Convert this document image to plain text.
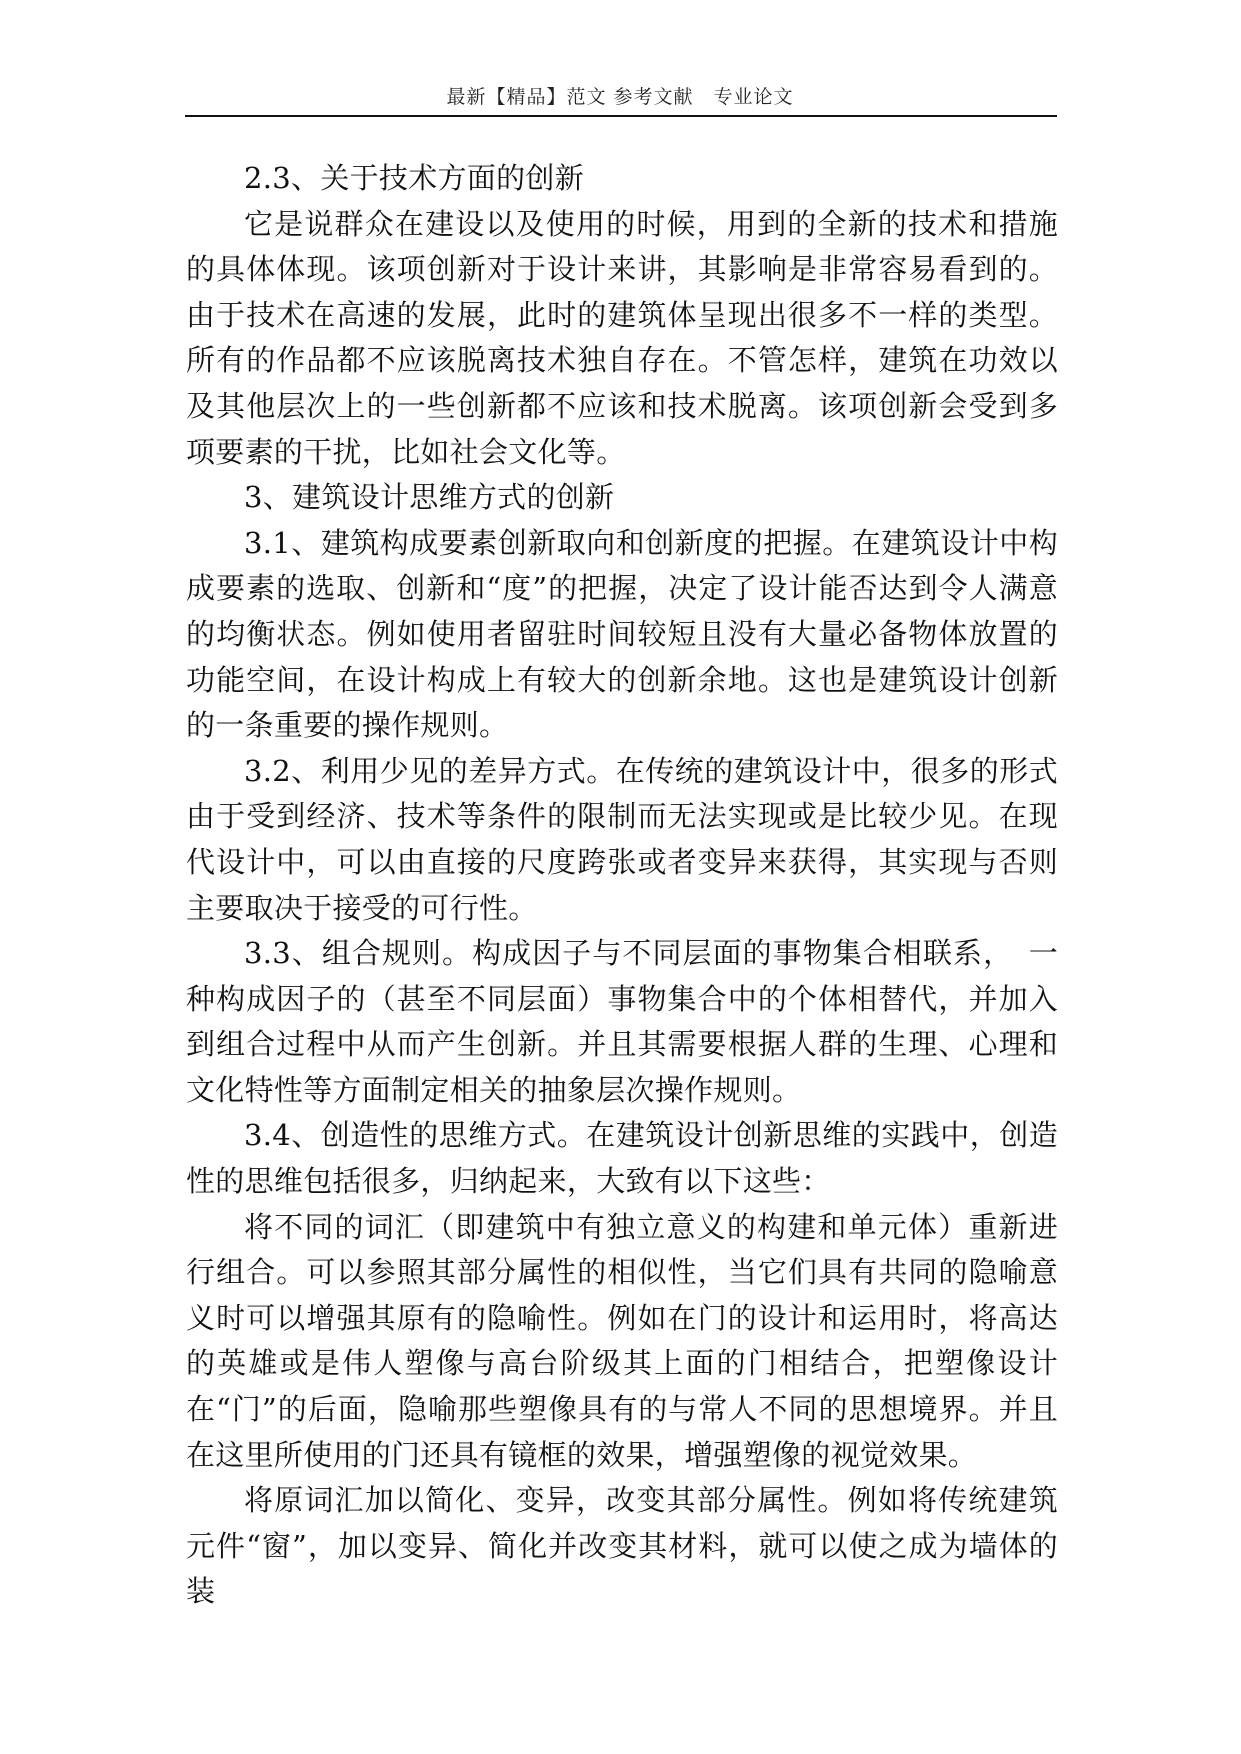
最新【精品】范文 参考文献　专业论文

2.3、关于技术方面的创新

它是说群众在建设以及使用的时候，用到的全新的技术和措施的具体体现。该项创新对于设计来讲，其影响是非常容易看到的。由于技术在高速的发展，此时的建筑体呈现出很多不一样的类型。所有的作品都不应该脱离技术独自存在。不管怎样，建筑在功效以及其他层次上的一些创新都不应该和技术脱离。该项创新会受到多项要素的干扰，比如社会文化等。

3、建筑设计思维方式的创新

3.1、建筑构成要素创新取向和创新度的把握。在建筑设计中构成要素的选取、创新和“度”的把握，决定了设计能否达到令人满意的均衡状态。例如使用者留驻时间较短且没有大量必备物体放置的功能空间，在设计构成上有较大的创新余地。这也是建筑设计创新的一条重要的操作规则。

3.2、利用少见的差异方式。在传统的建筑设计中，很多的形式由于受到经济、技术等条件的限制而无法实现或是比较少见。在现代设计中，可以由直接的尺度跨张或者变异来获得，其实现与否则主要取决于接受的可行性。

3.3、组合规则。构成因子与不同层面的事物集合相联系，　一种构成因子的（甚至不同层面）事物集合中的个体相替代，并加入到组合过程中从而产生创新。并且其需要根据人群的生理、心理和文化特性等方面制定相关的抽象层次操作规则。

3.4、创造性的思维方式。在建筑设计创新思维的实践中，创造性的思维包括很多，归纳起来，大致有以下这些：

将不同的词汇（即建筑中有独立意义的构建和单元体）重新进行组合。可以参照其部分属性的相似性，当它们具有共同的隐喻意义时可以增强其原有的隐喻性。例如在门的设计和运用时，将高达的英雄或是伟人塑像与高台阶级其上面的门相结合，把塑像设计在“门”的后面，隐喻那些塑像具有的与常人不同的思想境界。并且在这里所使用的门还具有镜框的效果，增强塑像的视觉效果。

将原词汇加以简化、变异，改变其部分属性。例如将传统建筑元件“窗”，加以变异、简化并改变其材料，就可以使之成为墙体的装
